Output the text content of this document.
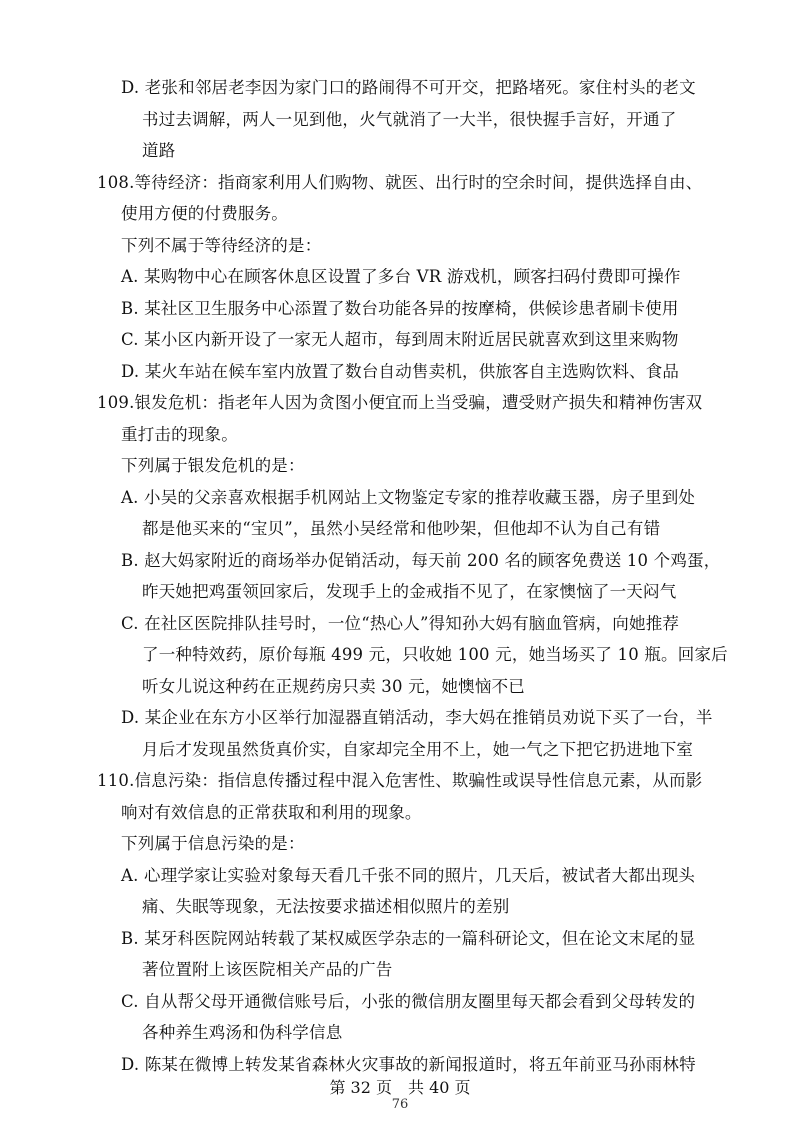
D. 老张和邻居老李因为家门口的路闹得不可开交，把路堵死。家住村头的老文
书过去调解，两人一见到他，火气就消了一大半，很快握手言好，开通了
道路
108.等待经济：指商家利用人们购物、就医、出行时的空余时间，提供选择自由、
使用方便的付费服务。
下列不属于等待经济的是：
A. 某购物中心在顾客休息区设置了多台 VR 游戏机，顾客扫码付费即可操作
B. 某社区卫生服务中心添置了数台功能各异的按摩椅，供候诊患者刷卡使用
C. 某小区内新开设了一家无人超市，每到周末附近居民就喜欢到这里来购物
D. 某火车站在候车室内放置了数台自动售卖机，供旅客自主选购饮料、食品
109.银发危机：指老年人因为贪图小便宜而上当受骗，遭受财产损失和精神伤害双
重打击的现象。
下列属于银发危机的是：
A. 小吴的父亲喜欢根据手机网站上文物鉴定专家的推荐收藏玉器，房子里到处
都是他买来的“宝贝”，虽然小吴经常和他吵架，但他却不认为自己有错
B. 赵大妈家附近的商场举办促销活动，每天前 200 名的顾客免费送 10 个鸡蛋，
昨天她把鸡蛋领回家后，发现手上的金戒指不见了，在家懊恼了一天闷气
C. 在社区医院排队挂号时，一位“热心人”得知孙大妈有脑血管病，向她推荐
了一种特效药，原价每瓶 499 元，只收她 100 元，她当场买了 10 瓶。回家后
听女儿说这种药在正规药房只卖 30 元，她懊恼不已
D. 某企业在东方小区举行加湿器直销活动，李大妈在推销员劝说下买了一台，半
月后才发现虽然货真价实，自家却完全用不上，她一气之下把它扔进地下室
110.信息污染：指信息传播过程中混入危害性、欺骗性或误导性信息元素，从而影
响对有效信息的正常获取和利用的现象。
下列属于信息污染的是：
A. 心理学家让实验对象每天看几千张不同的照片，几天后，被试者大都出现头
痛、失眠等现象，无法按要求描述相似照片的差别
B. 某牙科医院网站转载了某权威医学杂志的一篇科研论文，但在论文末尾的显
著位置附上该医院相关产品的广告
C. 自从帮父母开通微信账号后，小张的微信朋友圈里每天都会看到父母转发的
各种养生鸡汤和伪科学信息
D. 陈某在微博上转发某省森林火灾事故的新闻报道时，将五年前亚马孙雨林特
第 32 页　共 40 页
76
